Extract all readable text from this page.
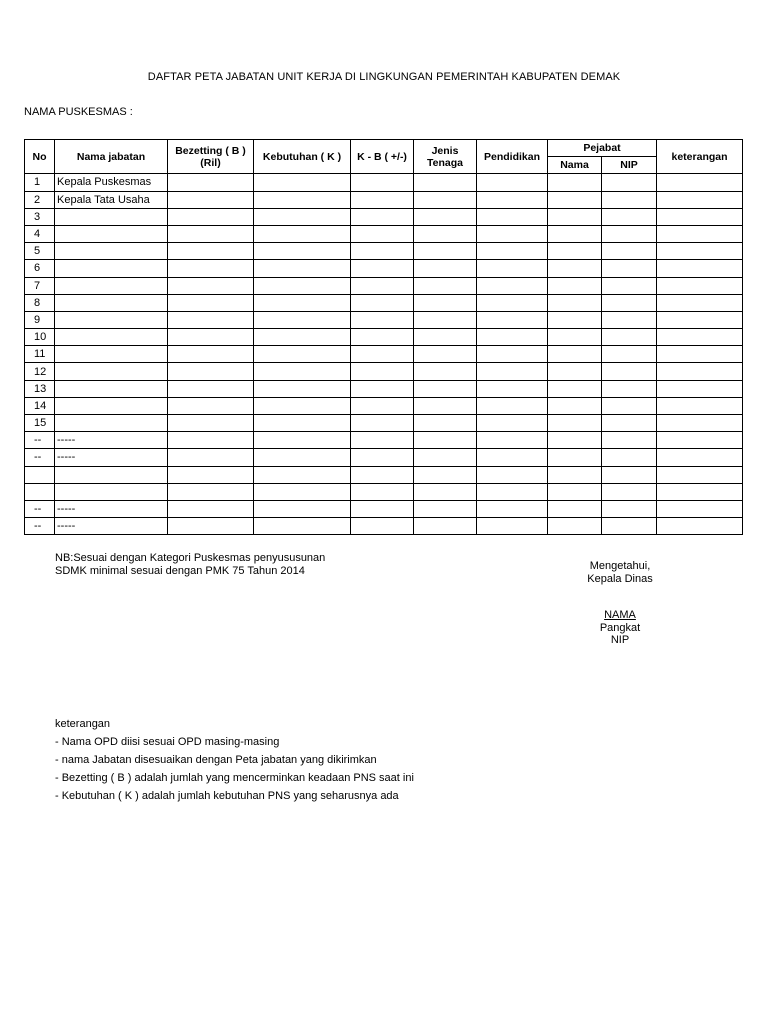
DAFTAR PETA JABATAN UNIT KERJA DI LINGKUNGAN PEMERINTAH KABUPATEN DEMAK
NAMA PUSKESMAS :
No	Nama jabatan	Bezetting ( B ) (Ril)	Kebutuhan ( K )	K - B ( +/-)	Jenis Tenaga	Pendidikan	Pejabat		keterangan
							Nama	NIP	
1	Kepala Puskesmas								
2	Kepala Tata Usaha								
3									
4									
5									
6									
7									
8									
9									
10									
11									
12									
13									
14									
15									
--	-----								
--	-----								

--	-----								
--	-----								
NB:Sesuai dengan Kategori Puskesmas penyususunan
SDMK minimal sesuai dengan PMK 75 Tahun 2014	Mengetahui,
Kepala Dinas
NAMA
Pangkat
NIP
keterangan
- Nama OPD diisi sesuai OPD masing-masing
- nama Jabatan disesuaikan dengan Peta jabatan yang dikirimkan
- Bezetting ( B ) adalah jumlah yang mencerminkan keadaan PNS saat ini
- Kebutuhan ( K ) adalah jumlah kebutuhan PNS yang seharusnya ada
